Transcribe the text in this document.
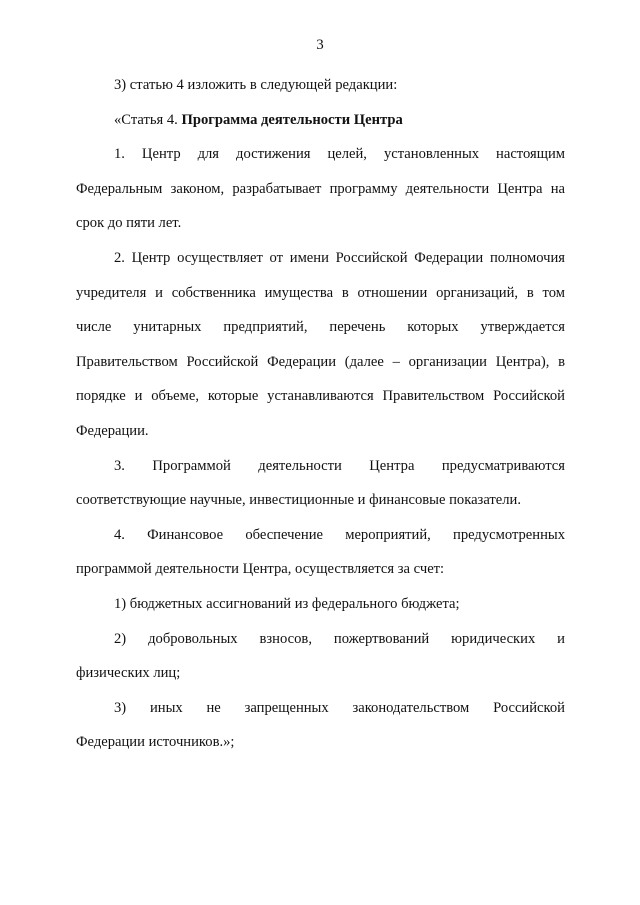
3

3) статью 4 изложить в следующей редакции:

«Статья 4. Программа деятельности Центра

1. Центр для достижения целей, установленных настоящим
Федеральным законом, разрабатывает программу деятельности Центра на
срок до пяти лет.
2. Центр осуществляет от имени Российской Федерации полномочия
учредителя и собственника имущества в отношении организаций, в том
числе унитарных предприятий, перечень которых утверждается
Правительством Российской Федерации (далее – организации Центра), в
порядке и объеме, которые устанавливаются Правительством Российской
Федерации.
3. Программой деятельности Центра предусматриваются
соответствующие научные, инвестиционные и финансовые показатели.
4. Финансовое обеспечение мероприятий, предусмотренных
программой деятельности Центра, осуществляется за счет:
1) бюджетных ассигнований из федерального бюджета;
2) добровольных взносов, пожертвований юридических и
физических лиц;
3) иных не запрещенных законодательством Российской
Федерации источников.»;
